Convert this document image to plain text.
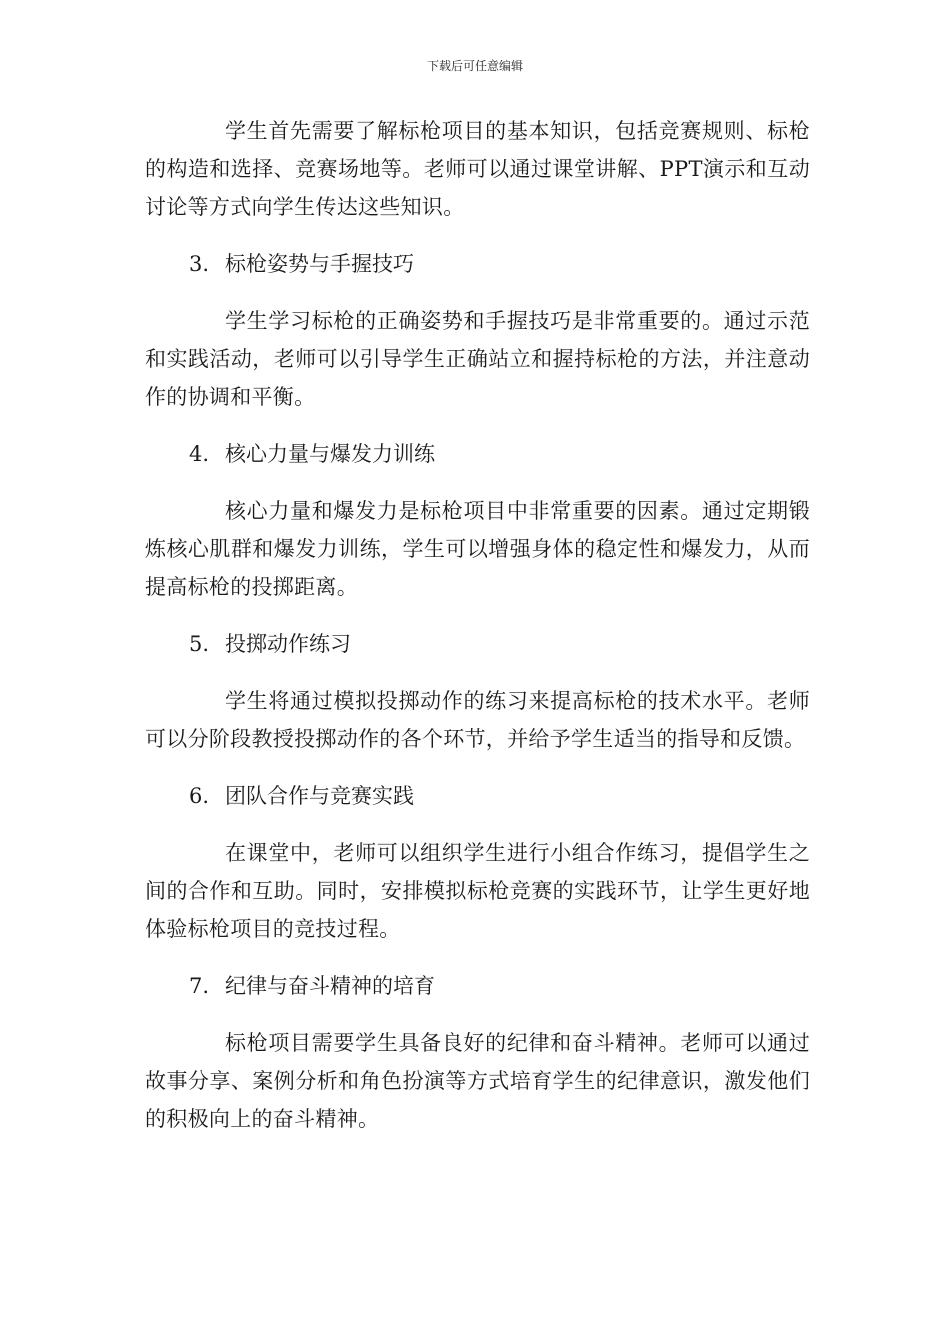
下载后可任意编辑

学生首先需要了解标枪项目的基本知识，包括竞赛规则、标枪的构造和选择、竞赛场地等。老师可以通过课堂讲解、PPT演示和互动讨论等方式向学生传达这些知识。

3. 标枪姿势与手握技巧

学生学习标枪的正确姿势和手握技巧是非常重要的。通过示范和实践活动，老师可以引导学生正确站立和握持标枪的方法，并注意动作的协调和平衡。

4. 核心力量与爆发力训练

核心力量和爆发力是标枪项目中非常重要的因素。通过定期锻炼核心肌群和爆发力训练，学生可以增强身体的稳定性和爆发力，从而提高标枪的投掷距离。

5. 投掷动作练习

学生将通过模拟投掷动作的练习来提高标枪的技术水平。老师可以分阶段教授投掷动作的各个环节，并给予学生适当的指导和反馈。

6. 团队合作与竞赛实践

在课堂中，老师可以组织学生进行小组合作练习，提倡学生之间的合作和互助。同时，安排模拟标枪竞赛的实践环节，让学生更好地体验标枪项目的竞技过程。

7. 纪律与奋斗精神的培育

标枪项目需要学生具备良好的纪律和奋斗精神。老师可以通过故事分享、案例分析和角色扮演等方式培育学生的纪律意识，激发他们的积极向上的奋斗精神。
